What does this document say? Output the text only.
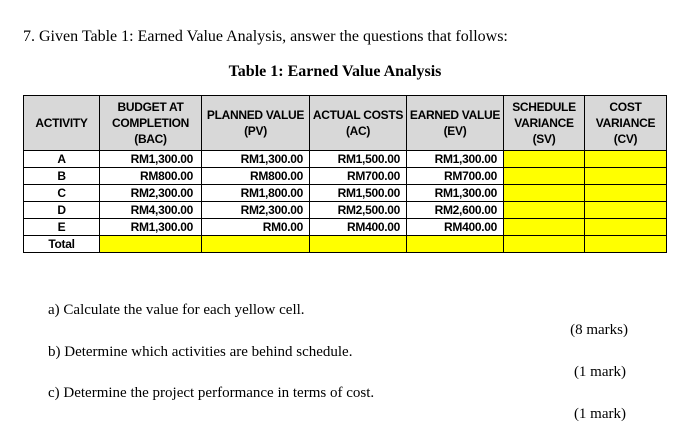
7. Given Table 1: Earned Value Analysis, answer the questions that follows:
Table 1: Earned Value Analysis
ACTIVITY	BUDGET AT COMPLETION (BAC)	PLANNED VALUE (PV)	ACTUAL COSTS (AC)	EARNED VALUE (EV)	SCHEDULE VARIANCE (SV)	COST VARIANCE (CV)
A	RM1,300.00	RM1,300.00	RM1,500.00	RM1,300.00		
B	RM800.00	RM800.00	RM700.00	RM700.00		
C	RM2,300.00	RM1,800.00	RM1,500.00	RM1,300.00		
D	RM4,300.00	RM2,300.00	RM2,500.00	RM2,600.00		
E	RM1,300.00	RM0.00	RM400.00	RM400.00		
Total						
a) Calculate the value for each yellow cell.
(8 marks)
b) Determine which activities are behind schedule.
(1 mark)
c) Determine the project performance in terms of cost.
(1 mark)
